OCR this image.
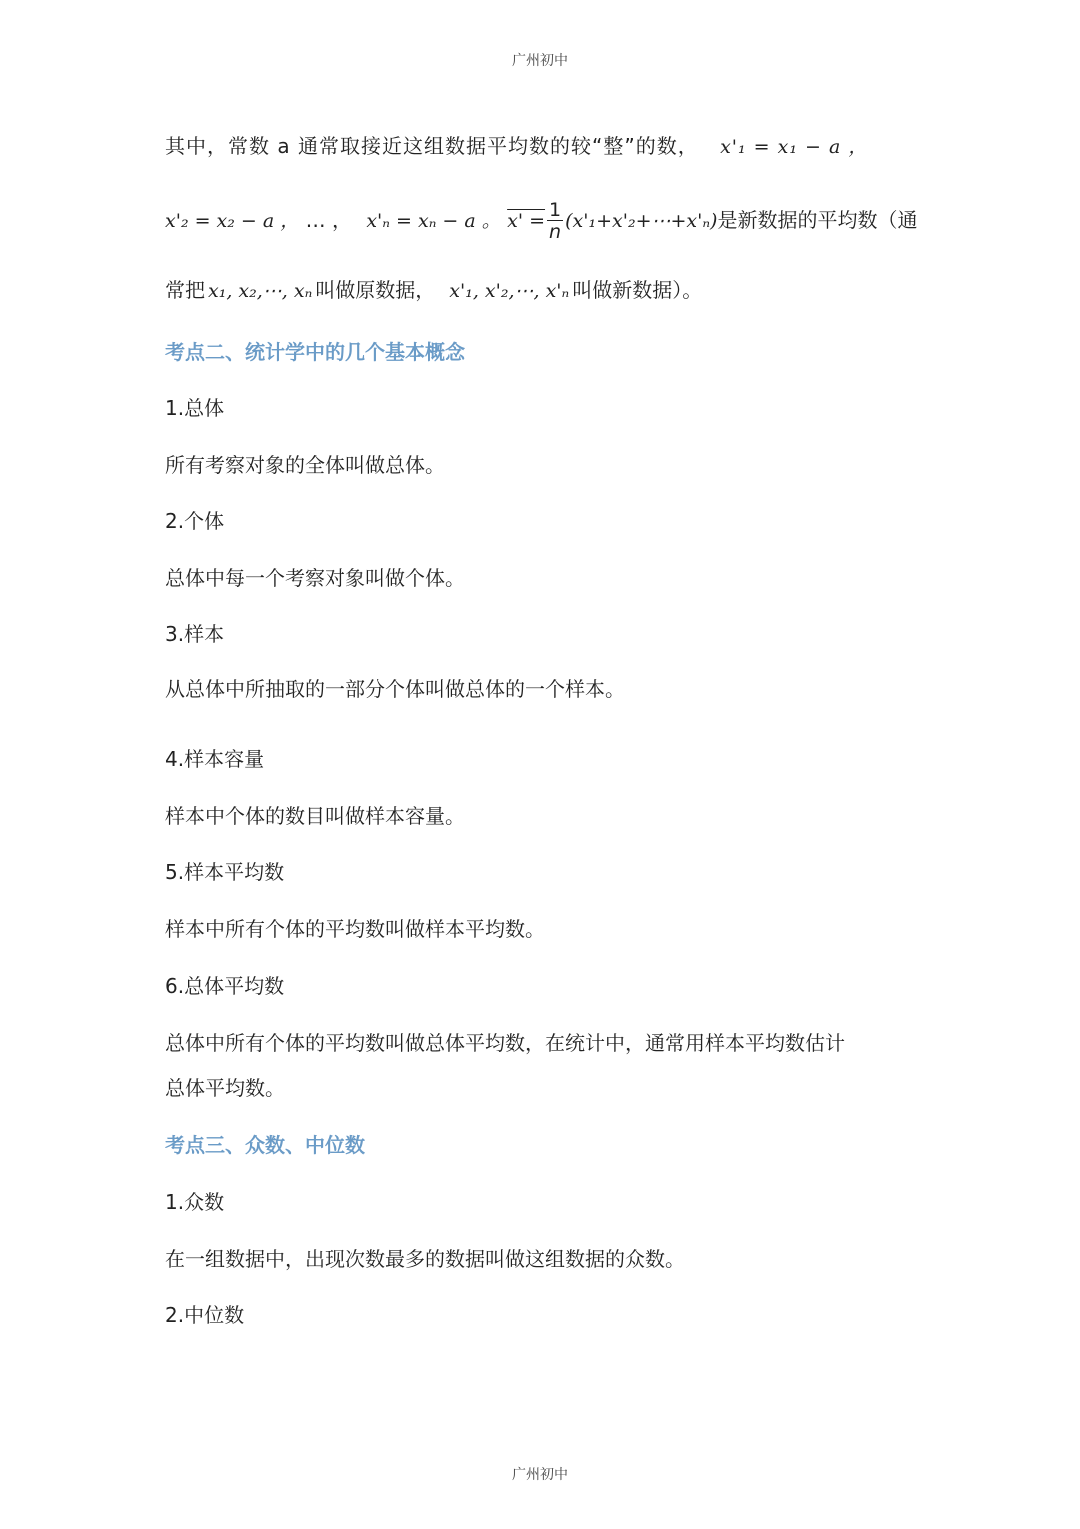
广州初中
其中，常数 a 通常取接近这组数据平均数的较“整”的数， x'₁ = x₁ − a ，
x'₂ = x₂ − a ， … ， x'ₙ = xₙ − a 。 $x' = \frac{1}{n}$ (x'₁+x'₂+⋯+x'ₙ)是新数据的平均数（通
常把 x₁, x₂,⋯, xₙ 叫做原数据， x'₁, x'₂,⋯, x'ₙ 叫做新数据）。
考点二、统计学中的几个基本概念
1.总体
所有考察对象的全体叫做总体。
2.个体
总体中每一个考察对象叫做个体。
3.样本
从总体中所抽取的一部分个体叫做总体的一个样本。
4.样本容量
样本中个体的数目叫做样本容量。
5.样本平均数
样本中所有个体的平均数叫做样本平均数。
6.总体平均数
总体中所有个体的平均数叫做总体平均数，在统计中，通常用样本平均数估计
总体平均数。
考点三、众数、中位数
1.众数
在一组数据中，出现次数最多的数据叫做这组数据的众数。
2.中位数
广州初中
